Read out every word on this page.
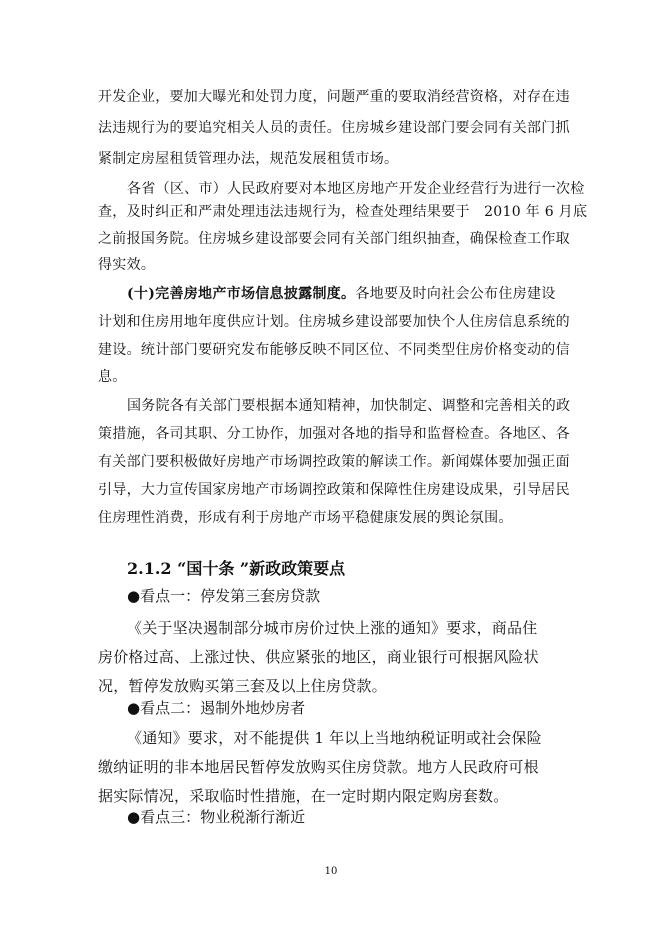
开发企业，要加大曝光和处罚力度，问题严重的要取消经营资格，对存在违

法违规行为的要追究相关人员的责任。住房城乡建设部门要会同有关部门抓

紧制定房屋租赁管理办法，规范发展租赁市场。

各省（区、市）人民政府要对本地区房地产开发企业经营行为进行一次检

查，及时纠正和严肃处理违法违规行为，检查处理结果要于　2010 年 6 月底

之前报国务院。住房城乡建设部要会同有关部门组织抽查，确保检查工作取

得实效。

(十)完善房地产市场信息披露制度。各地要及时向社会公布住房建设

计划和住房用地年度供应计划。住房城乡建设部要加快个人住房信息系统的

建设。统计部门要研究发布能够反映不同区位、不同类型住房价格变动的信

息。

国务院各有关部门要根据本通知精神，加快制定、调整和完善相关的政

策措施，各司其职、分工协作，加强对各地的指导和监督检查。各地区、各

有关部门要积极做好房地产市场调控政策的解读工作。新闻媒体要加强正面

引导，大力宣传国家房地产市场调控政策和保障性住房建设成果，引导居民

住房理性消费，形成有利于房地产市场平稳健康发展的舆论氛围。

2.1.2 “国十条 ”新政政策要点

●看点一：停发第三套房贷款

《关于坚决遏制部分城市房价过快上涨的通知》要求，商品住

房价格过高、上涨过快、供应紧张的地区，商业银行可根据风险状

况，暂停发放购买第三套及以上住房贷款。

●看点二：遏制外地炒房者

《通知》要求，对不能提供 1 年以上当地纳税证明或社会保险

缴纳证明的非本地居民暂停发放购买住房贷款。地方人民政府可根

据实际情况，采取临时性措施，在一定时期内限定购房套数。

●看点三：物业税渐行渐近

10
